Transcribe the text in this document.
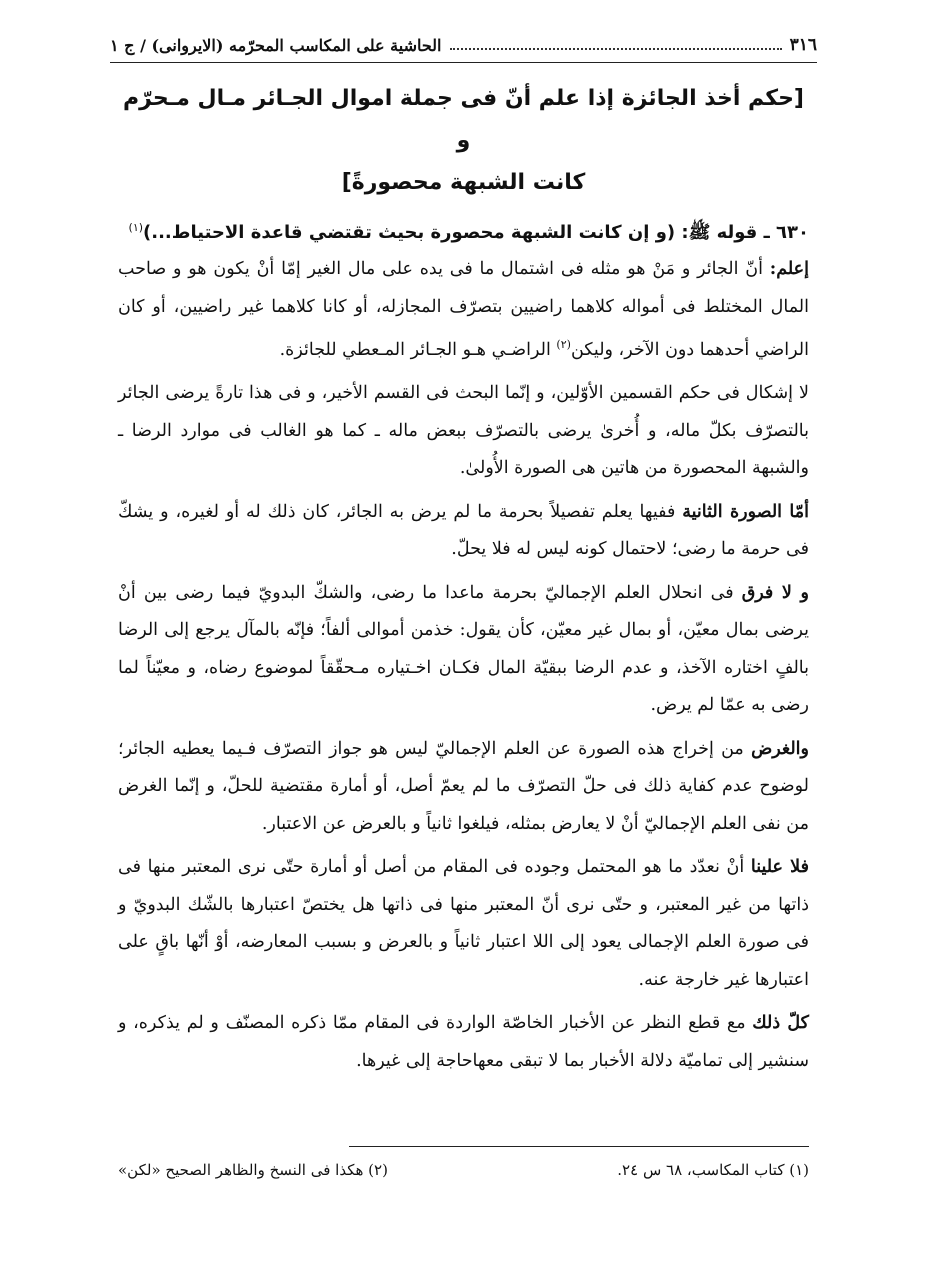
٣١٦
الحاشية على المكاسب المحرّمه (الايروانى) / ج ١
[حكم أخذ الجائزة إذا علم أنّ فى جملة اموال الجـائر مـال مـحرّم و
كانت الشبهة محصورةً]

٦٣٠ ـ قوله ﷺ: (و إن كانت الشبهة محصورة بحيث تقتضي قاعدة الاحتياط...)$^{(١)}$

إعلم: أنّ الجائر و مَنْ هو مثله فى اشتمال ما فى يده على مال الغير إمّا أنْ يكون هو و صاحب المال المختلط فى أمواله كلاهما راضيين بتصرّف المجازله، أو كانا كلاهما غير راضيين، أو كان الراضي أحدهما دون الآخر، وليكن$^{(٢)}$ الراضـي هـو الجـائر المـعطي للجائزة.

لا إشكال فى حكم القسمين الأوّلين، و إنّما البحث فى القسم الأخير، و فى هذا تارةً يرضى الجائر بالتصرّف بكلّ ماله، و أُخرىٰ يرضى بالتصرّف ببعض ماله ـ كما هو الغالب فى موارد الرضا ـ والشبهة المحصورة من هاتين هى الصورة الأُولىٰ.

أمّا الصورة الثانية ففيها يعلم تفصيلاً بحرمة ما لم يرض به الجائر، كان ذلك له أو لغيره، و يشكّ فى حرمة ما رضى؛ لاحتمال كونه ليس له فلا يحلّ.

و لا فرق فى انحلال العلم الإجماليّ بحرمة ماعدا ما رضى، والشكّ البدويّ فيما رضى بين أنْ يرضى بمال معيّن، أو بمال غير معيّن، كأن يقول: خذمن أموالى ألفاً؛ فإنّه بالمآل يرجع إلى الرضا بالفٍ اختاره الآخذ، و عدم الرضا ببقيّة المال فكـان اخـتياره مـحقّقاً لموضوع رضاه، و معيّناً لما رضى به عمّا لم يرض.

والغرض من إخراج هذه الصورة عن العلم الإجماليّ ليس هو جواز التصرّف فـيما يعطيه الجائر؛ لوضوح عدم كفاية ذلك فى حلّ التصرّف ما لم يعمّ أصل، أو أمارة مقتضية للحلّ، و إنّما الغرض من نفى العلم الإجماليّ أنْ لا يعارض بمثله، فيلغوا ثانياً و بالعرض عن الاعتبار.

فلا علينا أنْ نعدّد ما هو المحتمل وجوده فى المقام من أصل أو أمارة حتّى نرى المعتبر منها فى ذاتها من غير المعتبر، و حتّى نرى أنّ المعتبر منها فى ذاتها هل يختصّ اعتبارها بالشّك البدويّ و فى صورة العلم الإجمالى يعود إلى اللا اعتبار ثانياً و بالعرض و بسبب المعارضه، أوْ أنّها باقٍ على اعتبارها غير خارجة عنه.

كلّ ذلك مع قطع النظر عن الأخبار الخاصّة الواردة فى المقام ممّا ذكره المصنّف و لم يذكره، و سنشير إلى تماميّة دلالة الأخبار بما لا تبقى معهاحاجة إلى غيرها.

(١) كتاب المكاسب، ٦٨ س ٢٤.
(٢) هكذا فى النسخ والظاهر الصحيح «لكن»
